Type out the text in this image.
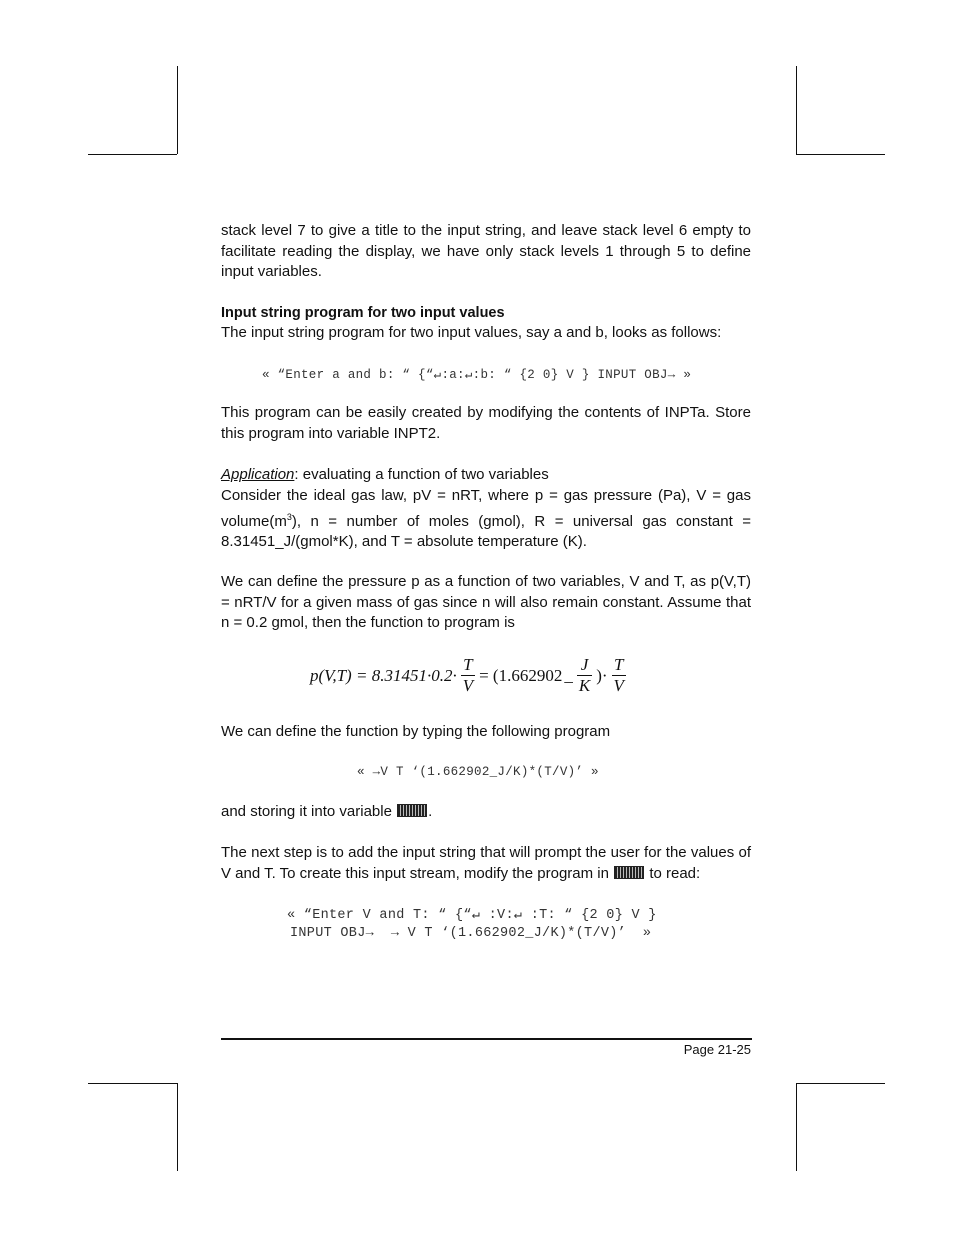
stack level 7 to give a title to the input string, and leave stack level 6 empty to facilitate reading the display, we have only stack levels 1 through 5 to define input variables.
Input string program for two input values
The input string program for two input values, say a and b, looks as follows:
« “Enter a and b: “ {“↵:a:↵:b: “ {2 0} V } INPUT OBJ→ »
This program can be easily created by modifying the contents of INPTa. Store this program into variable INPT2.
Application: evaluating a function of two variables
Consider the ideal gas law, pV = nRT, where p = gas pressure (Pa), V = gas $volume(m^3)$, n = number of moles (gmol), R = universal gas constant = 8.31451_J/(gmol*K), and T = absolute temperature (K).
We can define the pressure p as a function of two variables, V and T, as p(V,T) = nRT/V for a given mass of gas since n will also remain constant. Assume that n = 0.2 gmol, then the function to program is
$p(V,T) = 8.31451\cdot 0.2\cdot \frac{T}{V} = (1.662902$ _ $\frac{J}{K}$ )· $\frac{T}{V}$
We can define the function by typing the following program
« →V T ‘(1.662902_J/K)*(T/V)’ »
and storing it into variable .
The next step is to add the input string that will prompt the user for the values of V and T. To create this input stream, modify the program in	to read:
« “Enter V and T: “ {“↵ :V:↵ :T: “ {2 0} V }
INPUT OBJ→  → V T ‘(1.662902_J/K)*(T/V)’  »
Page 21-25
